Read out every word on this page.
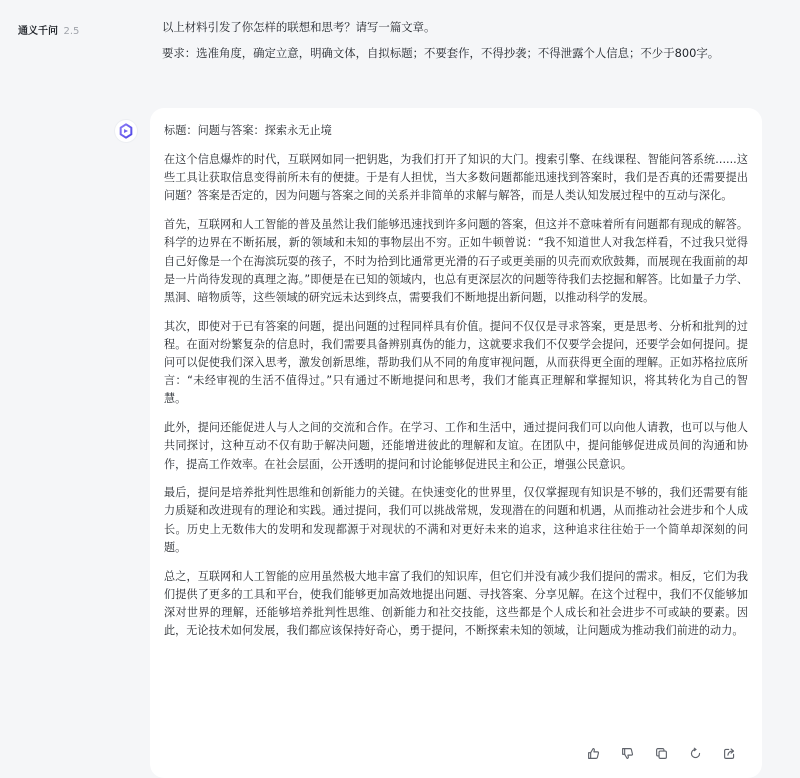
通义千问 2.5	以上材料引发了你怎样的联想和思考？请写一篇文章。

要求：选准角度，确定立意，明确文体，自拟标题；不要套作，不得抄袭；不得泄露个人信息；不少于800字。

标题：问题与答案：探索永无止境

在这个信息爆炸的时代，互联网如同一把钥匙，为我们打开了知识的大门。搜索引擎、在线课程、智能问答系统......这些工具让获取信息变得前所未有的便捷。于是有人担忧，当大多数问题都能迅速找到答案时，我们是否真的还需要提出问题？答案是否定的，因为问题与答案之间的关系并非简单的求解与解答，而是人类认知发展过程中的互动与深化。

首先，互联网和人工智能的普及虽然让我们能够迅速找到许多问题的答案，但这并不意味着所有问题都有现成的解答。科学的边界在不断拓展，新的领域和未知的事物层出不穷。正如牛顿曾说：“我不知道世人对我怎样看，不过我只觉得自己好像是一个在海滨玩耍的孩子，不时为拾到比通常更光滑的石子或更美丽的贝壳而欢欣鼓舞，而展现在我面前的却是一片尚待发现的真理之海。”即便是在已知的领域内，也总有更深层次的问题等待我们去挖掘和解答。比如量子力学、黑洞、暗物质等，这些领域的研究远未达到终点，需要我们不断地提出新问题，以推动科学的发展。

其次，即使对于已有答案的问题，提出问题的过程同样具有价值。提问不仅仅是寻求答案，更是思考、分析和批判的过程。在面对纷繁复杂的信息时，我们需要具备辨别真伪的能力，这就要求我们不仅要学会提问，还要学会如何提问。提问可以促使我们深入思考，激发创新思维，帮助我们从不同的角度审视问题，从而获得更全面的理解。正如苏格拉底所言：“未经审视的生活不值得过。”只有通过不断地提问和思考，我们才能真正理解和掌握知识，将其转化为自己的智慧。

此外，提问还能促进人与人之间的交流和合作。在学习、工作和生活中，通过提问我们可以向他人请教，也可以与他人共同探讨，这种互动不仅有助于解决问题，还能增进彼此的理解和友谊。在团队中，提问能够促进成员间的沟通和协作，提高工作效率。在社会层面，公开透明的提问和讨论能够促进民主和公正，增强公民意识。

最后，提问是培养批判性思维和创新能力的关键。在快速变化的世界里，仅仅掌握现有知识是不够的，我们还需要有能力质疑和改进现有的理论和实践。通过提问，我们可以挑战常规，发现潜在的问题和机遇，从而推动社会进步和个人成长。历史上无数伟大的发明和发现都源于对现状的不满和对更好未来的追求，这种追求往往始于一个简单却深刻的问题。

总之，互联网和人工智能的应用虽然极大地丰富了我们的知识库，但它们并没有减少我们提问的需求。相反，它们为我们提供了更多的工具和平台，使我们能够更加高效地提出问题、寻找答案、分享见解。在这个过程中，我们不仅能够加深对世界的理解，还能够培养批判性思维、创新能力和社交技能，这些都是个人成长和社会进步不可或缺的要素。因此，无论技术如何发展，我们都应该保持好奇心，勇于提问，不断探索未知的领域，让问题成为推动我们前进的动力。
